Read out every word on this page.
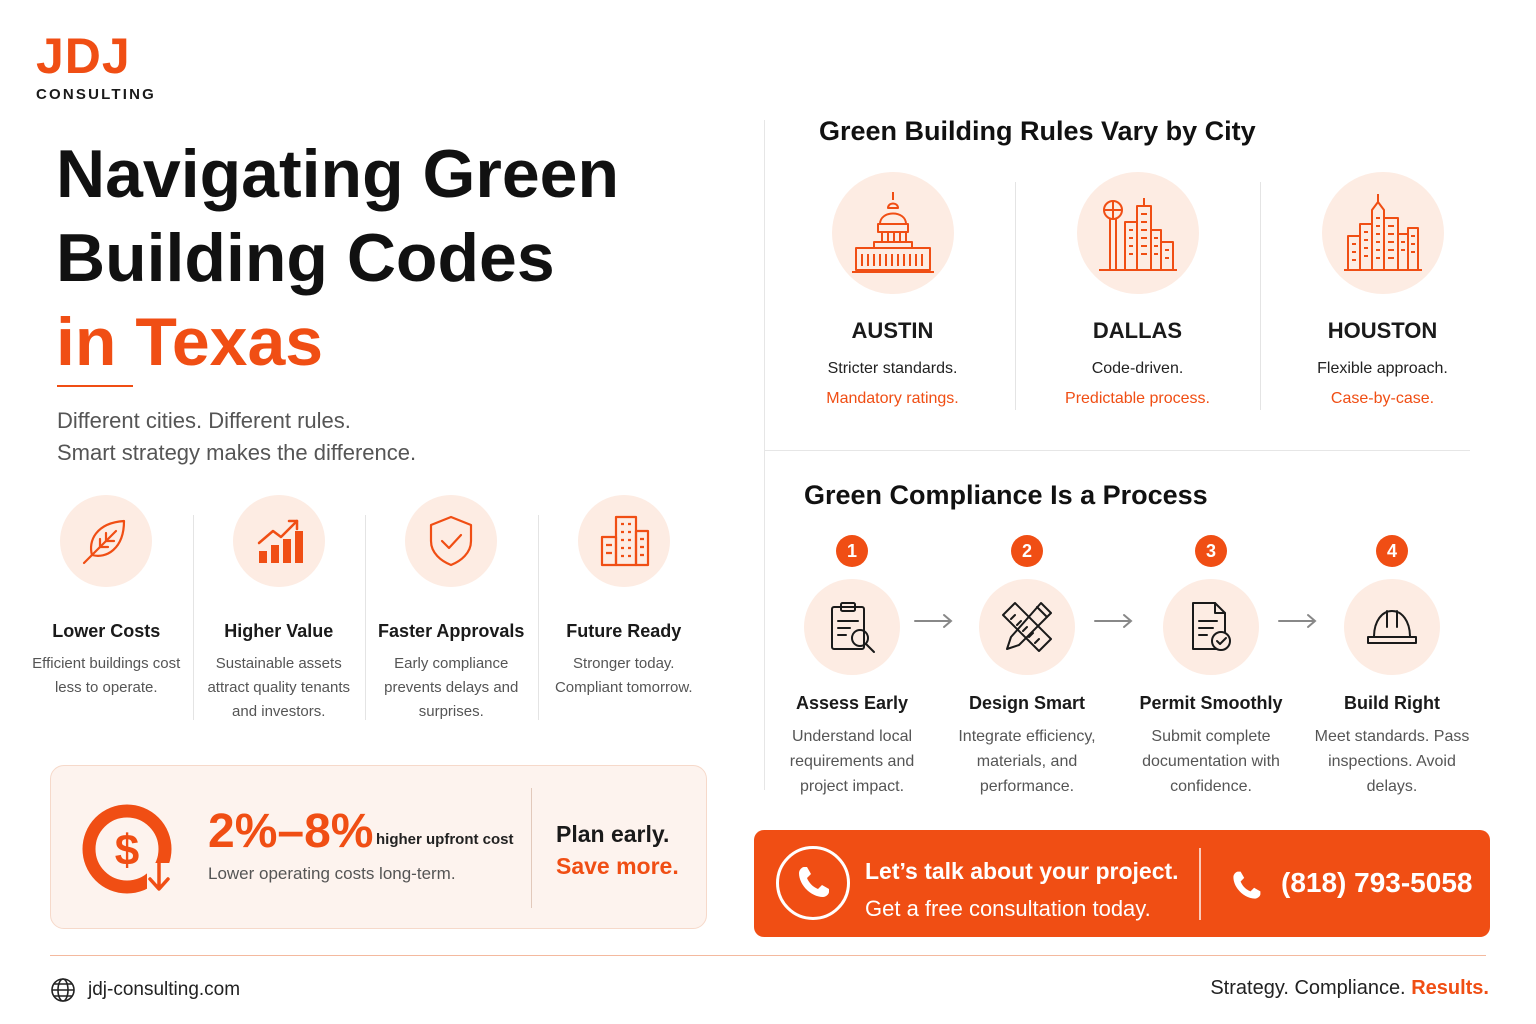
JDJ
CONSULTING
Navigating Green
Building Codes
in Texas
Different cities. Different rules.
Smart strategy makes the difference.
Lower Costs
Efficient buildings cost less to operate.
Higher Value
Sustainable assets attract quality tenants and investors.
Faster Approvals
Early compliance prevents delays and surprises.
Future Ready
Stronger today. Compliant tomorrow.
$ 2%–8% higher upfront cost
Lower operating costs long-term.
Plan early.
Save more.
Green Building Rules Vary by City
AUSTIN
Stricter standards.
Mandatory ratings.
DALLAS
Code-driven.
Predictable process.
HOUSTON
Flexible approach.
Case-by-case.
Green Compliance Is a Process
1
Assess Early
Understand local requirements and project impact.
2
Design Smart
Integrate efficiency, materials, and performance.
3
Permit Smoothly
Submit complete documentation with confidence.
4
Build Right
Meet standards. Pass inspections. Avoid delays.
Let’s talk about your project.
Get a free consultation today.
(818) 793-5058
jdj-consulting.com	Strategy. Compliance. Results.
